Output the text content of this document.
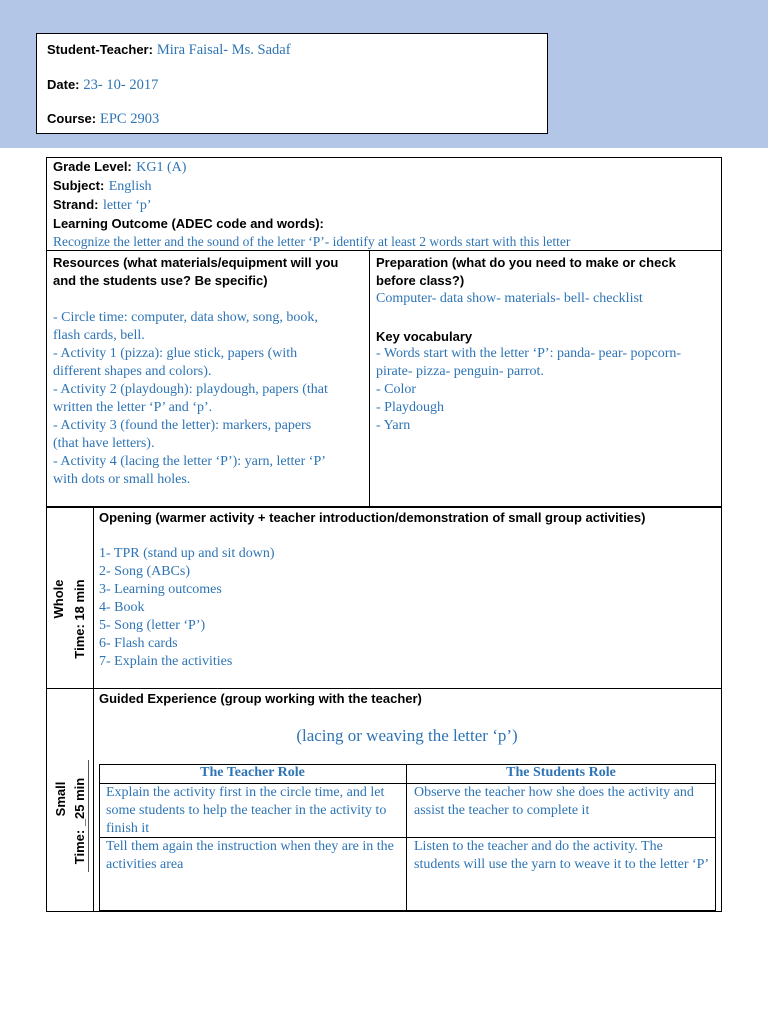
Student-Teacher: Mira Faisal- Ms. Sadaf
Date: 23- 10- 2017
Course: EPC 2903
Grade Level: KG1 (A)
Subject: English
Strand: letter ‘p’
Learning Outcome (ADEC code and words):
Recognize the letter and the sound of the letter ‘P’- identify at least 2 words start with this letter
Resources (what materials/equipment will you
and the students use? Be specific)
- Circle time: computer, data show, song, book,
flash cards, bell.
- Activity 1 (pizza): glue stick, papers (with
different shapes and colors).
- Activity 2 (playdough): playdough, papers (that
written the letter ‘P’ and ‘p’.
- Activity 3 (found the letter): markers, papers
(that have letters).
- Activity 4 (lacing the letter ‘P’): yarn, letter ‘P’
with dots or small holes.
Preparation (what do you need to make or check
before class?)
Computer- data show- materials- bell- checklist
Key vocabulary
- Words start with the letter ‘P’: panda- pear- popcorn-
pirate- pizza- penguin- parrot.
- Color
- Playdough
- Yarn
Whole Time: 18 min
Opening (warmer activity + teacher introduction/demonstration of small group activities)
1- TPR (stand up and sit down)
2- Song (ABCs)
3- Learning outcomes
4- Book
5- Song (letter ‘P’)
6- Flash cards
7- Explain the activities
Small Time: _25 min
Guided Experience (group working with the teacher)
(lacing or weaving the letter ‘p’)
The Teacher Role	The Students Role
Explain the activity first in the circle time, and let some students to help the teacher in the activity to finish it
Observe the teacher how she does the activity and assist the teacher to complete it
Tell them again the instruction when they are in the activities area
Listen to the teacher and do the activity. The students will use the yarn to weave it to the letter ‘P’
